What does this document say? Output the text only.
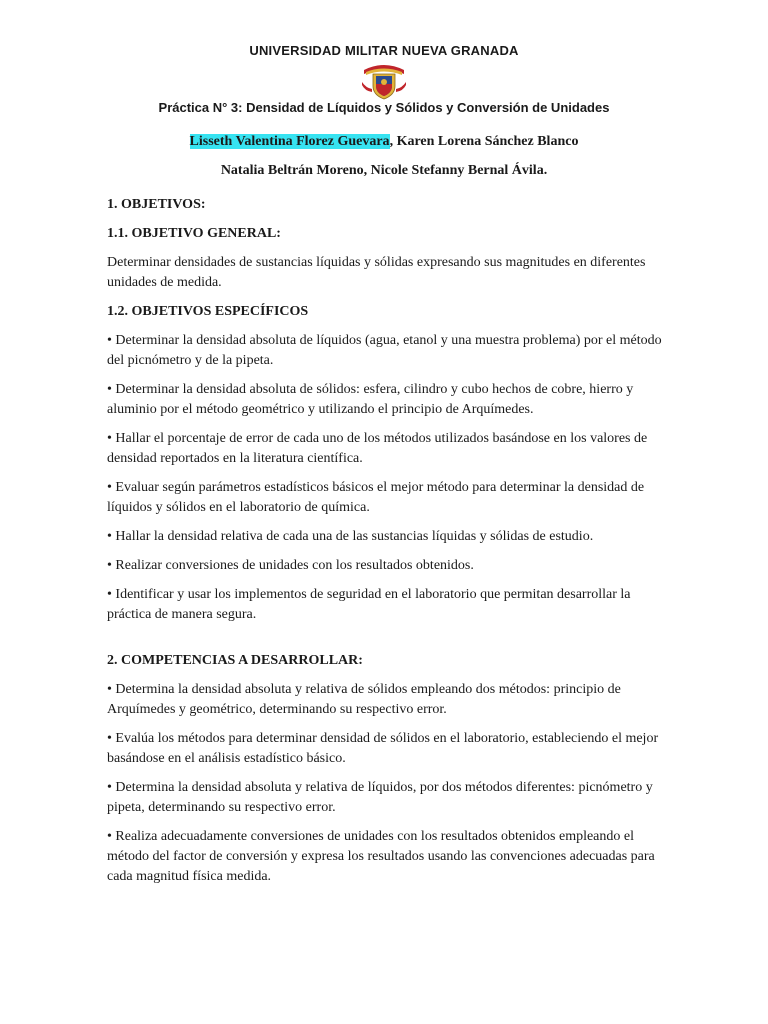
UNIVERSIDAD MILITAR NUEVA GRANADA
Práctica N° 3: Densidad de Líquidos y Sólidos y Conversión de Unidades
Lisseth Valentina Florez Guevara, Karen Lorena Sánchez Blanco
Natalia Beltrán Moreno, Nicole Stefanny Bernal Ávila.
1. OBJETIVOS:
1.1. OBJETIVO GENERAL:

Determinar densidades de sustancias líquidas y sólidas expresando sus magnitudes en diferentes unidades de medida.

1.2. OBJETIVOS ESPECÍFICOS

• Determinar la densidad absoluta de líquidos (agua, etanol y una muestra problema) por el método del picnómetro y de la pipeta.

• Determinar la densidad absoluta de sólidos: esfera, cilindro y cubo hechos de cobre, hierro y aluminio por el método geométrico y utilizando el principio de Arquímedes.

• Hallar el porcentaje de error de cada uno de los métodos utilizados basándose en los valores de densidad reportados en la literatura científica.

• Evaluar según parámetros estadísticos básicos el mejor método para determinar la densidad de líquidos y sólidos en el laboratorio de química.

• Hallar la densidad relativa de cada una de las sustancias líquidas y sólidas de estudio.

• Realizar conversiones de unidades con los resultados obtenidos.

• Identificar y usar los implementos de seguridad en el laboratorio que permitan desarrollar la práctica de manera segura.

2. COMPETENCIAS A DESARROLLAR:

• Determina la densidad absoluta y relativa de sólidos empleando dos métodos: principio de Arquímedes y geométrico, determinando su respectivo error.

• Evalúa los métodos para determinar densidad de sólidos en el laboratorio, estableciendo el mejor basándose en el análisis estadístico básico.

• Determina la densidad absoluta y relativa de líquidos, por dos métodos diferentes: picnómetro y pipeta, determinando su respectivo error.

• Realiza adecuadamente conversiones de unidades con los resultados obtenidos empleando el método del factor de conversión y expresa los resultados usando las convenciones adecuadas para cada magnitud física medida.
